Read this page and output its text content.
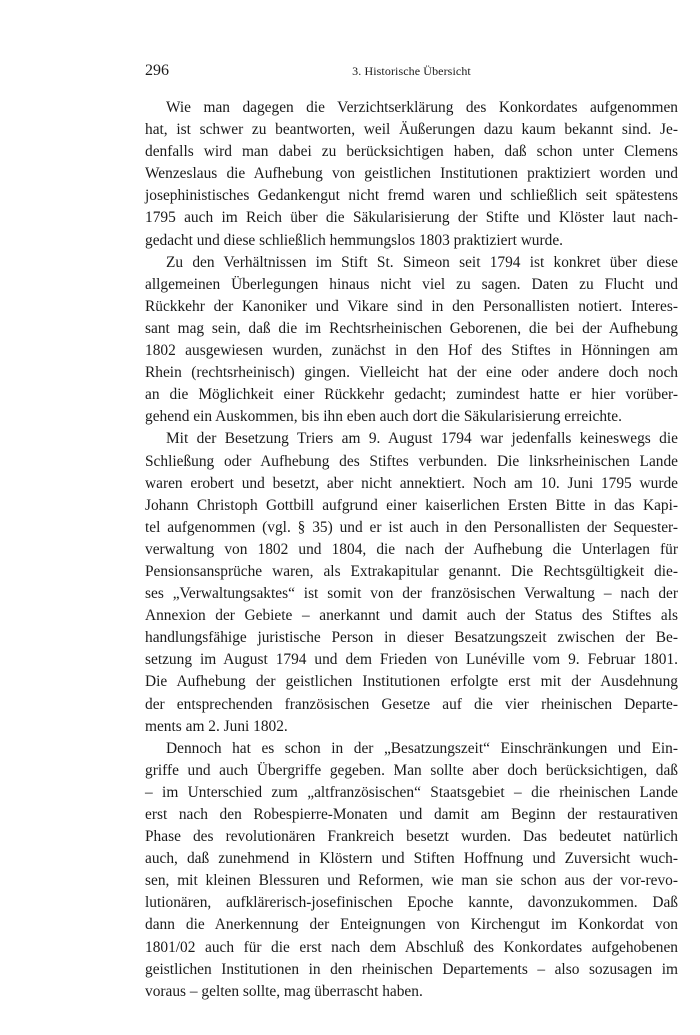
296	3. Historische Übersicht
Wie man dagegen die Verzichtserklärung des Konkordates aufgenommen
hat, ist schwer zu beantworten, weil Äußerungen dazu kaum bekannt sind. Je-
denfalls wird man dabei zu berücksichtigen haben, daß schon unter Clemens
Wenzeslaus die Aufhebung von geistlichen Institutionen praktiziert worden und
josephinistisches Gedankengut nicht fremd waren und schließlich seit spätestens
1795 auch im Reich über die Säkularisierung der Stifte und Klöster laut nach-
gedacht und diese schließlich hemmungslos 1803 praktiziert wurde.
Zu den Verhältnissen im Stift St. Simeon seit 1794 ist konkret über diese
allgemeinen Überlegungen hinaus nicht viel zu sagen. Daten zu Flucht und
Rückkehr der Kanoniker und Vikare sind in den Personallisten notiert. Interes-
sant mag sein, daß die im Rechtsrheinischen Geborenen, die bei der Aufhebung
1802 ausgewiesen wurden, zunächst in den Hof des Stiftes in Hönningen am
Rhein (rechtsrheinisch) gingen. Vielleicht hat der eine oder andere doch noch
an die Möglichkeit einer Rückkehr gedacht; zumindest hatte er hier vorüber-
gehend ein Auskommen, bis ihn eben auch dort die Säkularisierung erreichte.
Mit der Besetzung Triers am 9. August 1794 war jedenfalls keineswegs die
Schließung oder Aufhebung des Stiftes verbunden. Die linksrheinischen Lande
waren erobert und besetzt, aber nicht annektiert. Noch am 10. Juni 1795 wurde
Johann Christoph Gottbill aufgrund einer kaiserlichen Ersten Bitte in das Kapi-
tel aufgenommen (vgl. § 35) und er ist auch in den Personallisten der Sequester-
verwaltung von 1802 und 1804, die nach der Aufhebung die Unterlagen für
Pensionsansprüche waren, als Extrakapitular genannt. Die Rechtsgültigkeit die-
ses „Verwaltungsaktes“ ist somit von der französischen Verwaltung – nach der
Annexion der Gebiete – anerkannt und damit auch der Status des Stiftes als
handlungsfähige juristische Person in dieser Besatzungszeit zwischen der Be-
setzung im August 1794 und dem Frieden von Lunéville vom 9. Februar 1801.
Die Aufhebung der geistlichen Institutionen erfolgte erst mit der Ausdehnung
der entsprechenden französischen Gesetze auf die vier rheinischen Departe-
ments am 2. Juni 1802.
Dennoch hat es schon in der „Besatzungszeit“ Einschränkungen und Ein-
griffe und auch Übergriffe gegeben. Man sollte aber doch berücksichtigen, daß
– im Unterschied zum „altfranzösischen“ Staatsgebiet – die rheinischen Lande
erst nach den Robespierre-Monaten und damit am Beginn der restaurativen
Phase des revolutionären Frankreich besetzt wurden. Das bedeutet natürlich
auch, daß zunehmend in Klöstern und Stiften Hoffnung und Zuversicht wuch-
sen, mit kleinen Blessuren und Reformen, wie man sie schon aus der vor-revo-
lutionären, aufklärerisch-josefinischen Epoche kannte, davonzukommen. Daß
dann die Anerkennung der Enteignungen von Kirchengut im Konkordat von
1801/02 auch für die erst nach dem Abschluß des Konkordates aufgehobenen
geistlichen Institutionen in den rheinischen Departements – also sozusagen im
voraus – gelten sollte, mag überrascht haben.
